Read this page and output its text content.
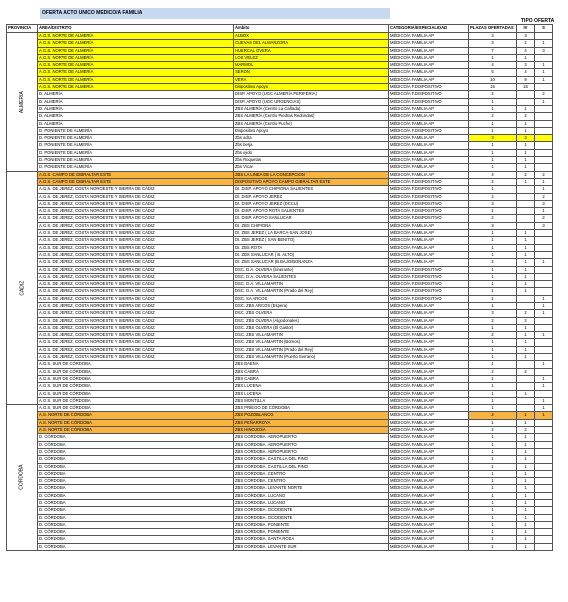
OFERTA ACTO UNICO MEDICO/A FAMILIA
TIPO OFERTA
PROVINCIA	ÁREA/DISTRITO	Ámbito	CATEGORIA/ESPECIALIDAD	PLAZAS OFERTADAS	IV	S
ALMERIA	A.G.S. NORTE DE ALMERÍA	ALBOX	MÉDICO/A FAMILIA AP	3	3	
	A.G.S. NORTE DE ALMERÍA	CUEVAS DEL ALMANZORA	MÉDICO/A FAMILIA AP	3	2	1
	A.G.S. NORTE DE ALMERÍA	HUERCAL OVERA	MÉDICO/A FAMILIA AP	7	4	3
	A.G.S. NORTE DE ALMERÍA	LOS VELEZ	MÉDICO/A FAMILIA AP	1	1	
	A.G.S. NORTE DE ALMERÍA	MARMOL	MÉDICO/A FAMILIA AP	4	3	1
	A.G.S. NORTE DE ALMERÍA	SERON	MÉDICO/A FAMILIA AP	5	4	1
	A.G.S. NORTE DE ALMERÍA	VERA	MÉDICO/A FAMILIA AP	10	9	1
	A.G.S. NORTE DE ALMERÍA	Dispositivo Apoyo	MÉDICO/A F.DISPOSITIVO	15	15	
	D. ALMERÍA	DISP. APOYO (UGC ALMERÍA PERIFERIA)	MÉDICO/A F.DISPOSITIVO	2		2
	D. ALMERÍA	DISP. APOYO (UGC URGENCIAS)	MÉDICO/A F.DISPOSITIVO	1		1
	D. ALMERÍA	ZBS ALMERÍA (Centro La Cañada)	MÉDICO/A FAMILIA AP	1	1	
	D. ALMERÍA	ZBS ALMERÍA (Centro Piedras Redondas)	MÉDICO/A FAMILIA AP	2	2	
	D. ALMERÍA	ZBS ALMERÍA (Centro Puche)	MÉDICO/A FAMILIA AP	1	1	
	D. PONIENTE DE ALMERÍA	Dispositivo Apoyo	MÉDICO/A F.DISPOSITIVO	1	1	
	D. PONIENTE DE ALMERÍA	Zbs adra	MÉDICO/A FAMILIA AP	3	3	
	D. PONIENTE DE ALMERÍA	Zbs berja	MÉDICO/A FAMILIA AP	1	1	
	D. PONIENTE DE ALMERÍA	Zbs ejido	MÉDICO/A FAMILIA AP	1	1	
	D. PONIENTE DE ALMERÍA	Zbs Roquetas	MÉDICO/A FAMILIA AP	1	1	
	D. PONIENTE DE ALMERÍA	Zbs Vícar	MÉDICO/A FAMILIA AP	1	1	
CADIZ	A.G.S. CAMPO DE GIBRALTAR ESTE	ZBS LA LINEA DE LA CONCEPCION	MÉDICO/A FAMILIA AP	4	2	2
	A.G.S. CAMPO DE GIBRALTAR ESTE	DISPOSITIVO APOYO CAMPO GIBRALTAR ESTE	MÉDICO/A F.DISPOSITIVO	2	1	1
	A.G.S. DE JEREZ, COSTA NOROESTE Y SIERRA DE CÁDIZ	DI. DISP. APOYO CHIPIONA SALIENTES	MÉDICO/A F.DISPOSITIVO	1		1
	A.G.S. DE JEREZ, COSTA NOROESTE Y SIERRA DE CÁDIZ	DI. DISP. APOYO JEREZ	MÉDICO/A F.DISPOSITIVO	2		2
	A.G.S. DE JEREZ, COSTA NOROESTE Y SIERRA DE CÁDIZ	DI. DISP. APOYO JEREZ (DCCU)	MÉDICO/A F.DISPOSITIVO	3		3
	A.G.S. DE JEREZ, COSTA NOROESTE Y SIERRA DE CÁDIZ	DI. DISP. APOYO ROTA SALIENTES	MÉDICO/A F.DISPOSITIVO	1		1
	A.G.S. DE JEREZ, COSTA NOROESTE Y SIERRA DE CÁDIZ	DI. DISP. APOYO SANLUCAR	MÉDICO/A F.DISPOSITIVO	2		2
	A.G.S. DE JEREZ, COSTA NOROESTE Y SIERRA DE CÁDIZ	DI. ZBS CHIPIONA	MÉDICO/A FAMILIA AP	3		3
	A.G.S. DE JEREZ, COSTA NOROESTE Y SIERRA DE CÁDIZ	DI. ZBS JEREZ ( LA BARCA-SAN JOSE)	MÉDICO/A FAMILIA AP	1	1	
	A.G.S. DE JEREZ, COSTA NOROESTE Y SIERRA DE CÁDIZ	DI. ZBS JEREZ ( SAN BENITO)	MÉDICO/A FAMILIA AP	1	1	
	A.G.S. DE JEREZ, COSTA NOROESTE Y SIERRA DE CÁDIZ	DI. ZBS ROTA	MÉDICO/A FAMILIA AP	1	1	
	A.G.S. DE JEREZ, COSTA NOROESTE Y SIERRA DE CÁDIZ	DI. ZBS SANLUCAR ( B. ALTO)	MÉDICO/A FAMILIA AP	1	1	
	A.G.S. DE JEREZ, COSTA NOROESTE Y SIERRA DE CÁDIZ	DI. ZBS SANLUCAR (B.BAJO/BONANZA	MÉDICO/A FAMILIA AP	2	1	1
	A.G.S. DE JEREZ, COSTA NOROESTE Y SIERRA DE CÁDIZ	DSC. D.A. OLVERA (itinerante)	MÉDICO/A F.DISPOSITIVO	1	1	
	A.G.S. DE JEREZ, COSTA NOROESTE Y SIERRA DE CÁDIZ	DSC. D.A. OLVERA SALIENTES	MÉDICO/A F.DISPOSITIVO	1	1	
	A.G.S. DE JEREZ, COSTA NOROESTE Y SIERRA DE CÁDIZ	DSC. D.A. VILLAMARTIN	MÉDICO/A F.DISPOSITIVO	1	1	
	A.G.S. DE JEREZ, COSTA NOROESTE Y SIERRA DE CÁDIZ	DSC. D.A. VILLAMARTIN (Prado del Rey)	MÉDICO/A F.DISPOSITIVO	1	1	
	A.G.S. DE JEREZ, COSTA NOROESTE Y SIERRA DE CÁDIZ	DSC. SA ARCOS	MÉDICO/A F.DISPOSITIVO	1		1
	A.G.S. DE JEREZ, COSTA NOROESTE Y SIERRA DE CÁDIZ	DSC. ZBS ARCOS (Espera)	MÉDICO/A FAMILIA AP	1		1
	A.G.S. DE JEREZ, COSTA NOROESTE Y SIERRA DE CÁDIZ	DSC. ZBS OLVERA	MÉDICO/A FAMILIA AP	3	2	1
	A.G.S. DE JEREZ, COSTA NOROESTE Y SIERRA DE CÁDIZ	DSC. ZBS OLVERA (Algodonales)	MÉDICO/A FAMILIA AP	2	2	
	A.G.S. DE JEREZ, COSTA NOROESTE Y SIERRA DE CÁDIZ	DSC. ZBS OLVERA (El Gastor)	MÉDICO/A FAMILIA AP	1	1	
	A.G.S. DE JEREZ, COSTA NOROESTE Y SIERRA DE CÁDIZ	DSC. ZBS VILLAMARTIN	MÉDICO/A FAMILIA AP	2	1	1
	A.G.S. DE JEREZ, COSTA NOROESTE Y SIERRA DE CÁDIZ	DSC. ZBS VILLAMARTIN (Bornos)	MÉDICO/A FAMILIA AP	1	1	
	A.G.S. DE JEREZ, COSTA NOROESTE Y SIERRA DE CÁDIZ	DSC. ZBS VILLAMARTIN (Prado del Rey)	MÉDICO/A FAMILIA AP	1	1	
	A.G.S. DE JEREZ, COSTA NOROESTE Y SIERRA DE CÁDIZ	DSC. ZBS VILLAMARTIN (Puerto Serrano)	MÉDICO/A FAMILIA AP	1	1	
	A.G.S. SUR DE CÓRDOBA	ZBS BAENA	MÉDICO/A FAMILIA AP	1		1
	A.G.S. SUR DE CÓRDOBA	ZBS CABRA	MÉDICO/A FAMILIA AP	2	2	
	A.G.S. SUR DE CÓRDOBA	ZBS CABRA	MÉDICO/A FAMILIA AP	1		1
	A.G.S. SUR DE CÓRDOBA	ZBS LUCENA	MÉDICO/A FAMILIA AP	1		1
	A.G.S. SUR DE CÓRDOBA	ZBS LUCENA	MÉDICO/A FAMILIA AP	1	1	
	A.G.S. SUR DE CÓRDOBA	ZBS MONTILLA	MÉDICO/A FAMILIA AP	1		1
CORDOBA	A.G.S. SUR DE CÓRDOBA	ZBS PRIEGO DE CÓRDOBA	MÉDICO/A FAMILIA AP	1		1
	A.S. NORTE DE CÓRDOBA	ZBS POZOBLANCO	MÉDICO/A FAMILIA AP	2	1	1
	A.S. NORTE DE CÓRDOBA	ZBS PEÑARROYA	MÉDICO/A FAMILIA AP	1	1	
	A.S. NORTE DE CÓRDOBA	ZBS HINOJOSA	MÉDICO/A FAMILIA AP	2	2	
	D. CÓRDOBA	ZBS CORDOBA. AEROPUERTO	MÉDICO/A FAMILIA AP	1	1	
	D. CÓRDOBA	ZBS CORDOBA. AEROPUERTO	MÉDICO/A FAMILIA AP	1	1	
	D. CÓRDOBA	ZBS CORDOBA. AEROPUERTO	MÉDICO/A FAMILIA AP	1	1	
	D. CÓRDOBA	ZBS CORDOBA. CASTILLA DEL PINO	MÉDICO/A FAMILIA AP	1	1	
	D. CÓRDOBA	ZBS CORDOBA. CASTILLA DEL PINO	MÉDICO/A FAMILIA AP	1	1	
	D. CÓRDOBA	ZBS CORDOBA. CENTRO	MÉDICO/A FAMILIA AP	1	1	
	D. CÓRDOBA	ZBS CORDOBA. CENTRO	MÉDICO/A FAMILIA AP	1	1	
	D. CÓRDOBA	ZBS CORDOBA. LEVANTE NORTE	MÉDICO/A FAMILIA AP	1	1	
	D. CÓRDOBA	ZBS CORDOBA. LUCANO	MÉDICO/A FAMILIA AP	1	1	
	D. CÓRDOBA	ZBS CORDOBA. LUCANO	MÉDICO/A FAMILIA AP	1	1	
	D. CÓRDOBA	ZBS CORDOBA. OCCIDENTE	MÉDICO/A FAMILIA AP	1	1	
	D. CÓRDOBA	ZBS CORDOBA. OCCIDENTE	MÉDICO/A FAMILIA AP	1	1	
	D. CÓRDOBA	ZBS CORDOBA. PONIENTE	MÉDICO/A FAMILIA AP	1	1	
	D. CÓRDOBA	ZBS CORDOBA. PONIENTE	MÉDICO/A FAMILIA AP	1	1	
	D. CÓRDOBA	ZBS CORDOBA. SANTA ROSA	MÉDICO/A FAMILIA AP	1	1	
	D. CÓRDOBA	ZBS CORDOBA. LEVANTE SUR	MÉDICO/A FAMILIA AP	1	1	
